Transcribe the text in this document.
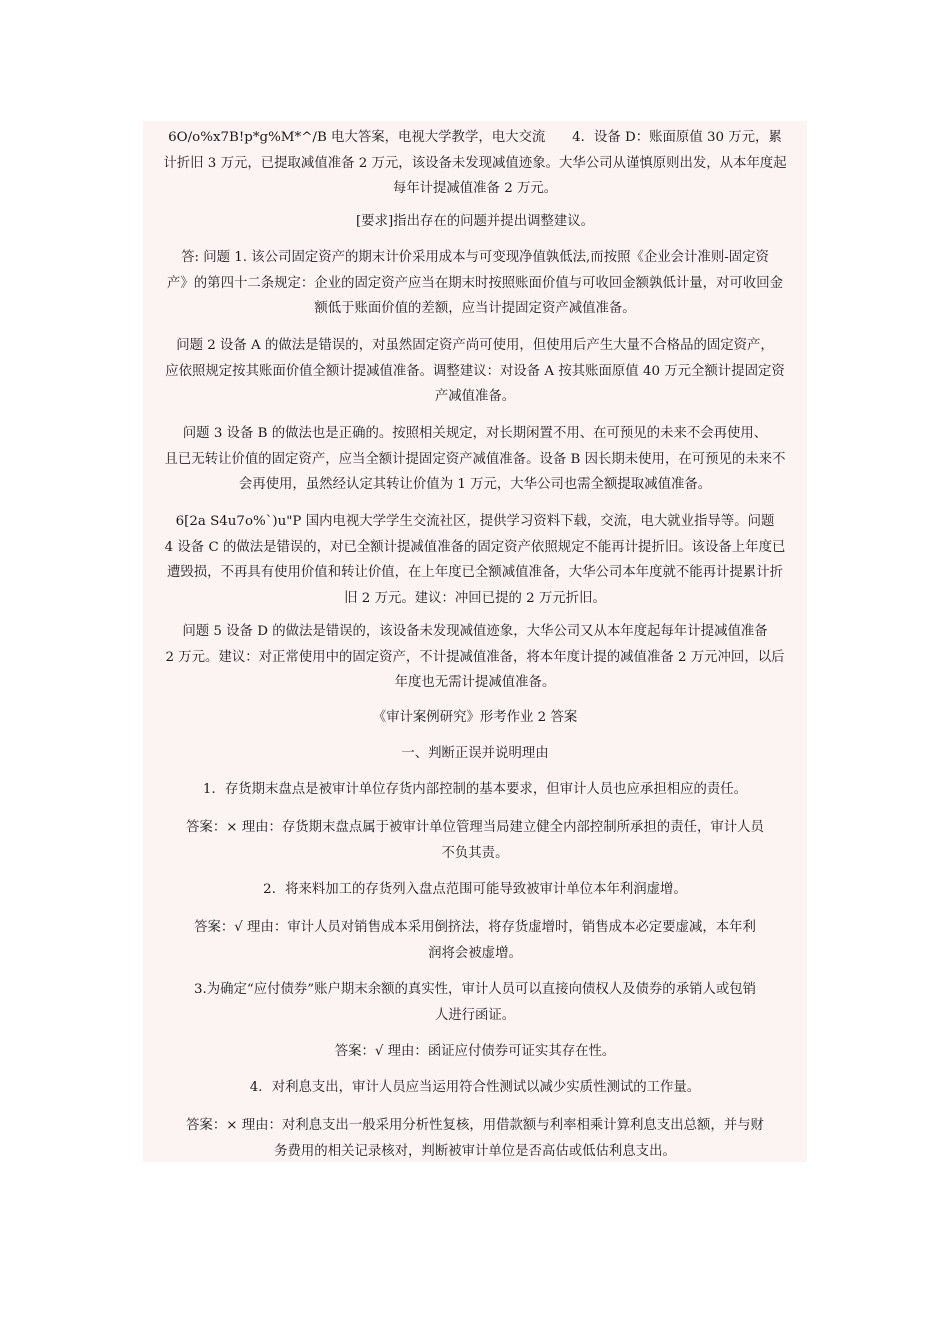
6O/o%x7B!p*g%M*^/B 电大答案，电视大学教学，电大交流　　4．设备 D：账面原值 30 万元，累
计折旧 3 万元，已提取减值准备 2 万元，该设备未发现减值迹象。大华公司从谨慎原则出发，从本年度起
每年计提减值准备 2 万元。
[要求]指出存在的问题并提出调整建议。
答: 问题 1. 该公司固定资产的期末计价采用成本与可变现净值孰低法,而按照《企业会计准则-固定资
产》的第四十二条规定：企业的固定资产应当在期末时按照账面价值与可收回金额孰低计量，对可收回金
额低于账面价值的差额，应当计提固定资产减值准备。
问题 2 设备 A 的做法是错误的，对虽然固定资产尚可使用，但使用后产生大量不合格品的固定资产，
应依照规定按其账面价值全额计提减值准备。调整建议：对设备 A 按其账面原值 40 万元全额计提固定资
产减值准备。
问题 3 设备 B 的做法也是正确的。按照相关规定，对长期闲置不用、在可预见的未来不会再使用、
且已无转让价值的固定资产，应当全额计提固定资产减值准备。设备 B 因长期未使用，在可预见的未来不
会再使用，虽然经认定其转让价值为 1 万元，大华公司也需全额提取减值准备。
6[2a S4u7o%`)u"P 国内电视大学学生交流社区，提供学习资料下载，交流，电大就业指导等。问题
4 设备 C 的做法是错误的，对已全额计提减值准备的固定资产依照规定不能再计提折旧。该设备上年度已
遭毁损，不再具有使用价值和转让价值，在上年度已全额减值准备，大华公司本年度就不能再计提累计折
旧 2 万元。建议：冲回已提的 2 万元折旧。
问题 5 设备 D 的做法是错误的，该设备未发现减值迹象，大华公司又从本年度起每年计提减值准备
2 万元。建议：对正常使用中的固定资产，不计提减值准备，将本年度计提的减值准备 2 万元冲回，以后
年度也无需计提减值准备。
《审计案例研究》形考作业 2 答案
一、判断正误并说明理由
1．存货期末盘点是被审计单位存货内部控制的基本要求，但审计人员也应承担相应的责任。
答案：× 理由：存货期末盘点属于被审计单位管理当局建立健全内部控制所承担的责任，审计人员
不负其责。
2．将来料加工的存货列入盘点范围可能导致被审计单位本年利润虚增。
答案：√ 理由：审计人员对销售成本采用倒挤法，将存货虚增时，销售成本必定要虚减，本年利
润将会被虚增。
3.为确定“应付债券”账户期末余额的真实性，审计人员可以直接向债权人及债券的承销人或包销
人进行函证。
答案：√ 理由：函证应付债券可证实其存在性。
4．对利息支出，审计人员应当运用符合性测试以减少实质性测试的工作量。
答案：× 理由：对利息支出一般采用分析性复核，用借款额与利率相乘计算利息支出总额，并与财
务费用的相关记录核对，判断被审计单位是否高估或低估利息支出。
